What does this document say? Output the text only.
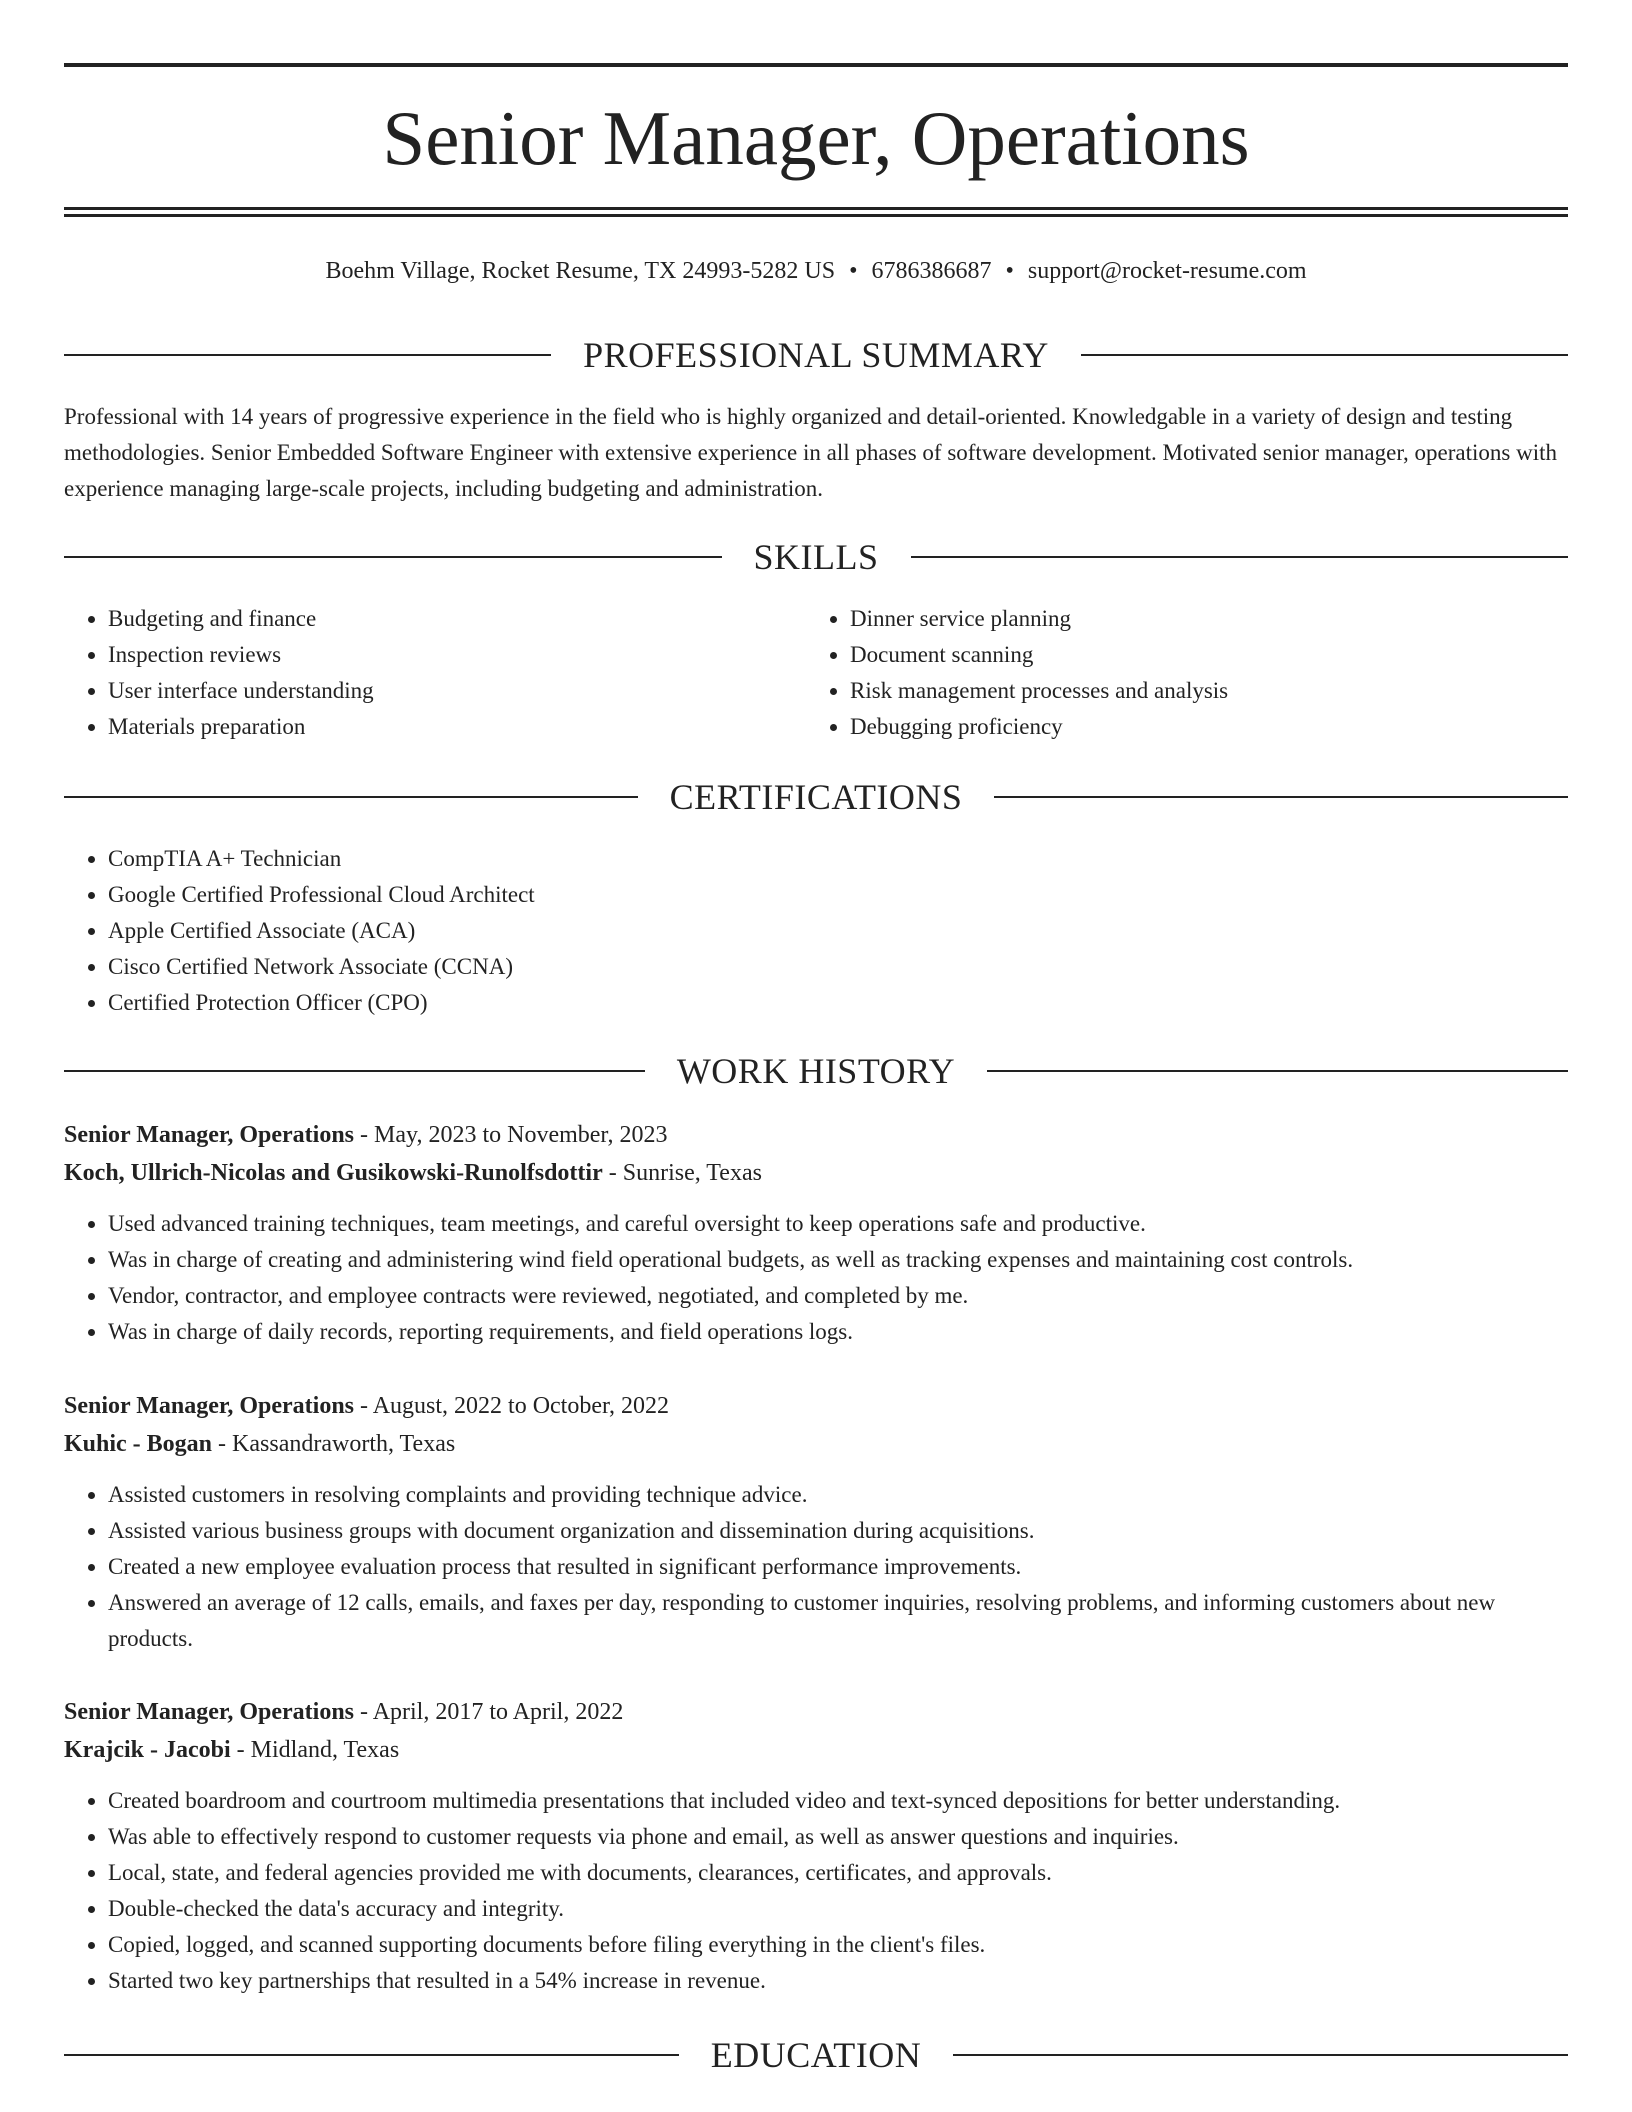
Senior Manager, Operations
Boehm Village, Rocket Resume, TX 24993-5282 US • 6786386687 • support@rocket-resume.com
PROFESSIONAL SUMMARY

Professional with 14 years of progressive experience in the field who is highly organized and detail-oriented. Knowledgable in a variety of design and testing methodologies. Senior Embedded Software Engineer with extensive experience in all phases of software development. Motivated senior manager, operations with experience managing large-scale projects, including budgeting and administration.

SKILLS
• Budgeting and finance
• Inspection reviews
• User interface understanding
• Materials preparation
• Dinner service planning
• Document scanning
• Risk management processes and analysis
• Debugging proficiency
CERTIFICATIONS
• CompTIA A+ Technician
• Google Certified Professional Cloud Architect
• Apple Certified Associate (ACA)
• Cisco Certified Network Associate (CCNA)
• Certified Protection Officer (CPO)
WORK HISTORY

Senior Manager, Operations - May, 2023 to November, 2023

Koch, Ullrich-Nicolas and Gusikowski-Runolfsdottir - Sunrise, Texas

• Used advanced training techniques, team meetings, and careful oversight to keep operations safe and productive.
• Was in charge of creating and administering wind field operational budgets, as well as tracking expenses and maintaining cost controls.
• Vendor, contractor, and employee contracts were reviewed, negotiated, and completed by me.
• Was in charge of daily records, reporting requirements, and field operations logs.

Senior Manager, Operations - August, 2022 to October, 2022

Kuhic - Bogan - Kassandraworth, Texas

• Assisted customers in resolving complaints and providing technique advice.
• Assisted various business groups with document organization and dissemination during acquisitions.
• Created a new employee evaluation process that resulted in significant performance improvements.
• Answered an average of 12 calls, emails, and faxes per day, responding to customer inquiries, resolving problems, and informing customers about new products.

Senior Manager, Operations - April, 2017 to April, 2022

Krajcik - Jacobi - Midland, Texas

• Created boardroom and courtroom multimedia presentations that included video and text-synced depositions for better understanding.
• Was able to effectively respond to customer requests via phone and email, as well as answer questions and inquiries.
• Local, state, and federal agencies provided me with documents, clearances, certificates, and approvals.
• Double-checked the data's accuracy and integrity.
• Copied, logged, and scanned supporting documents before filing everything in the client's files.
• Started two key partnerships that resulted in a 54% increase in revenue.
EDUCATION
